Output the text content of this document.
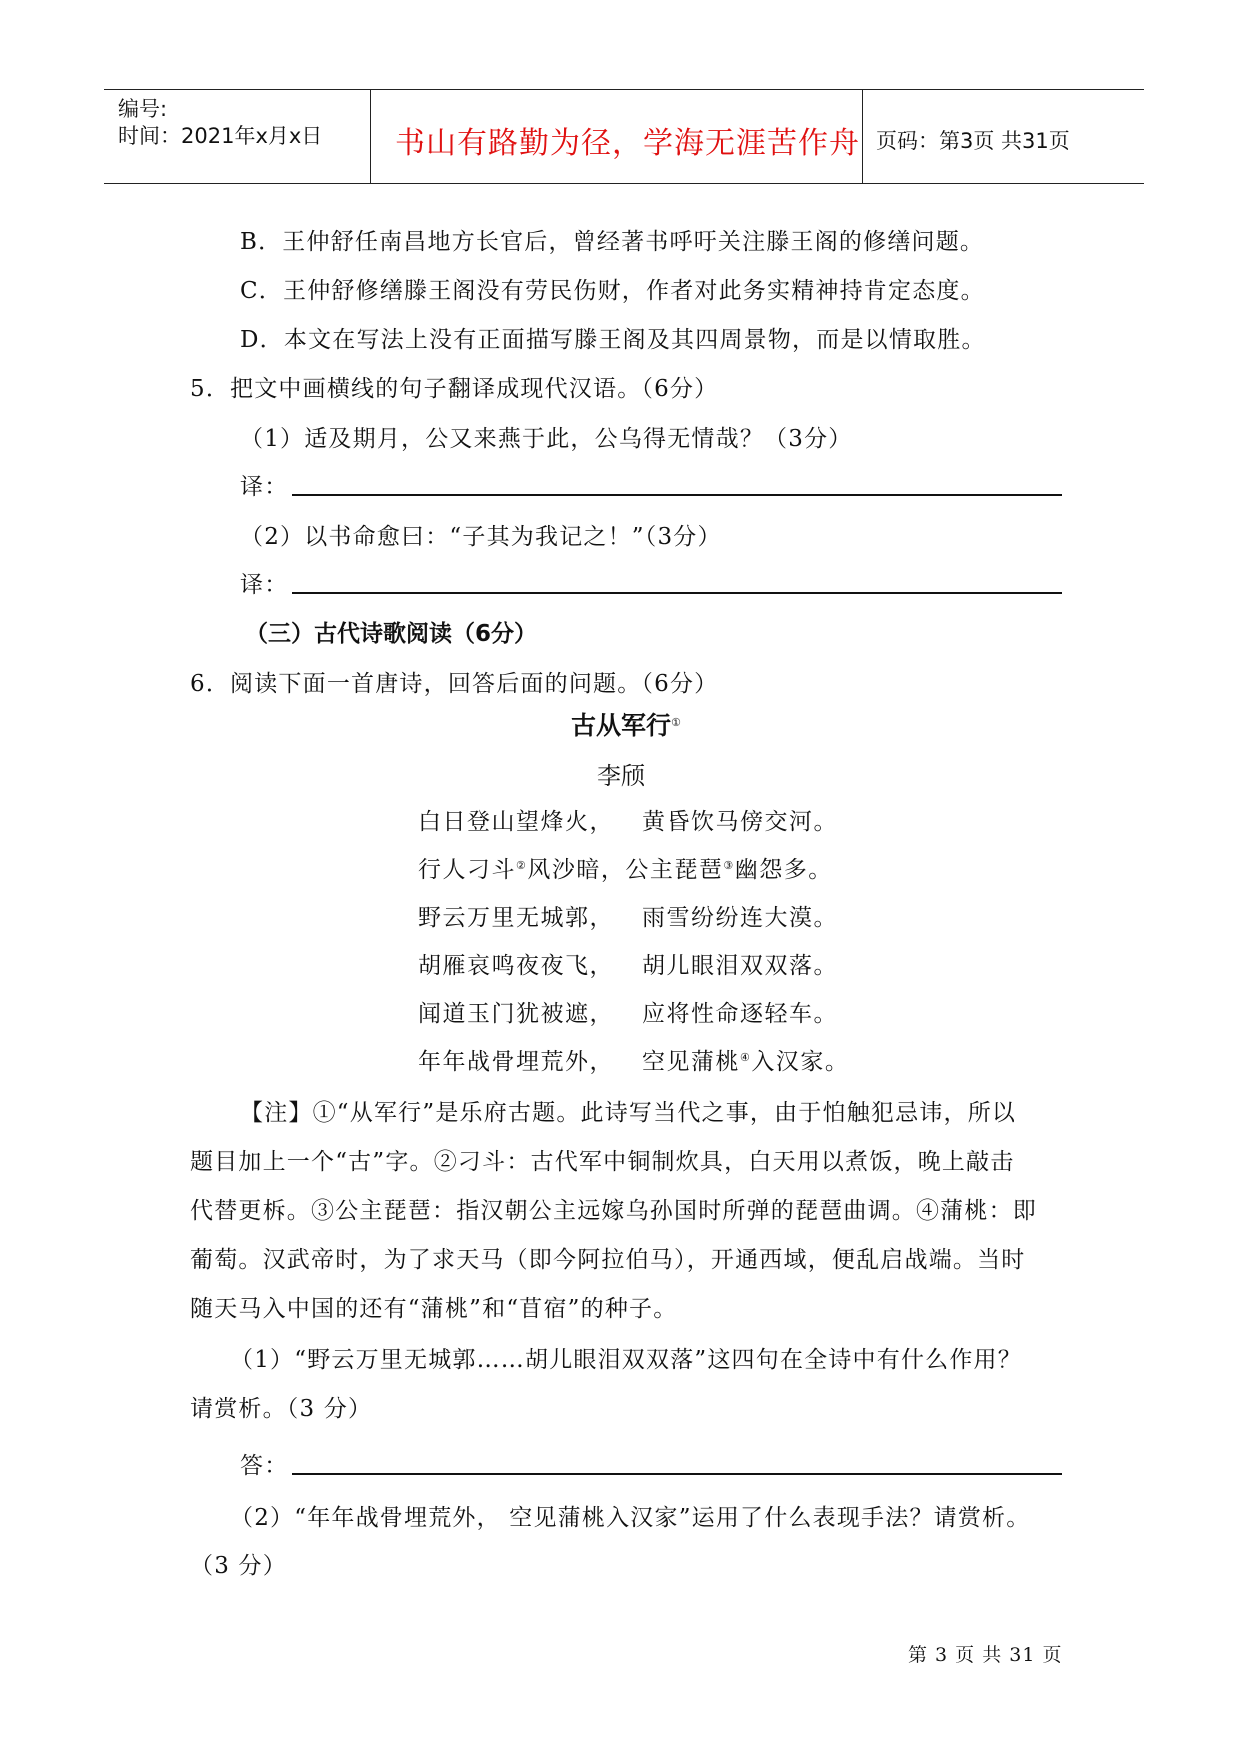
编号:
时间：2021年x月x日 书山有路勤为径，学海无涯苦作舟 页码：第3页 共31页
B．王仲舒任南昌地方长官后，曾经著书呼吁关注滕王阁的修缮问题。
C．王仲舒修缮滕王阁没有劳民伤财，作者对此务实精神持肯定态度。
D．本文在写法上没有正面描写滕王阁及其四周景物，而是以情取胜。
5．把文中画横线的句子翻译成现代汉语。（6分）
（1）适及期月，公又来燕于此，公乌得无情哉？（3分）
译：
（2）以书命愈曰：“子其为我记之！”（3分）
译：
（三）古代诗歌阅读（6分）
6．阅读下面一首唐诗，回答后面的问题。（6分）
古从军行①
李颀
白日登山望烽火， 黄昏饮马傍交河。
行人刁斗②风沙暗，公主琵琶③幽怨多。
野云万里无城郭， 雨雪纷纷连大漠。
胡雁哀鸣夜夜飞， 胡儿眼泪双双落。
闻道玉门犹被遮， 应将性命逐轻车。
年年战骨埋荒外， 空见蒲桃④入汉家。
【注】①“从军行”是乐府古题。此诗写当代之事，由于怕触犯忌讳，所以
题目加上一个“古”字。②刁斗：古代军中铜制炊具，白天用以煮饭，晚上敲击
代替更柝。③公主琵琶：指汉朝公主远嫁乌孙国时所弹的琵琶曲调。④蒲桃：即
葡萄。汉武帝时，为了求天马（即今阿拉伯马），开通西域，便乱启战端。当时
随天马入中国的还有“蒲桃”和“苜宿”的种子。
（1）“野云万里无城郭……胡儿眼泪双双落”这四句在全诗中有什么作用？
请赏析。（3 分）
答：
（2）“年年战骨埋荒外， 空见蒲桃入汉家”运用了什么表现手法？请赏析。
（3 分）
第 3 页 共 31 页
